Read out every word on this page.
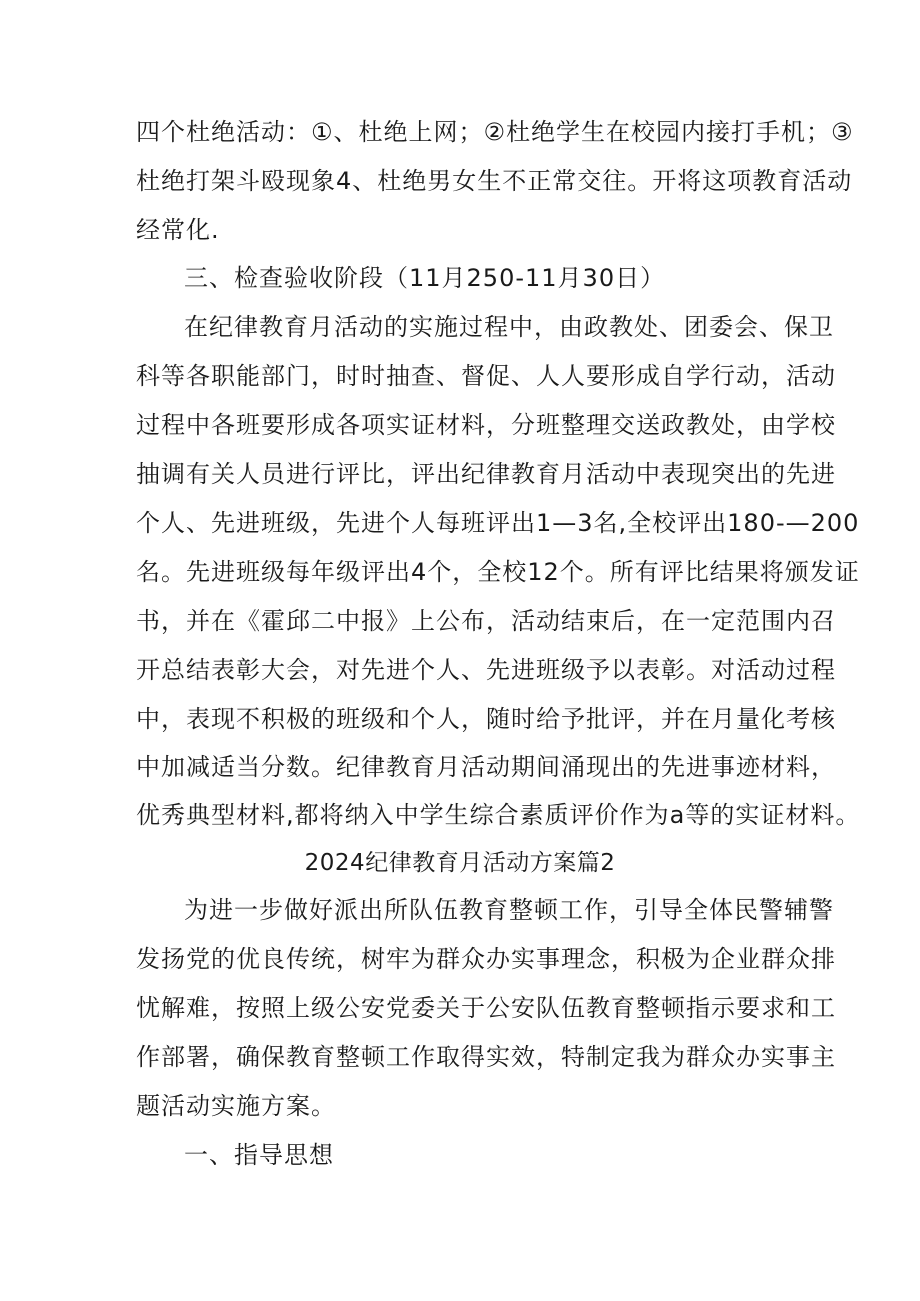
四个杜绝活动：①、杜绝上网；②杜绝学生在校园内接打手机；③
杜绝打架斗殴现象4、杜绝男女生不正常交往。开将这项教育活动
经常化.
三、检查验收阶段（11月250-11月30日）
在纪律教育月活动的实施过程中，由政教处、团委会、保卫
科等各职能部门，时时抽查、督促、人人要形成自学行动，活动
过程中各班要形成各项实证材料，分班整理交送政教处，由学校
抽调有关人员进行评比，评出纪律教育月活动中表现突出的先进
个人、先进班级，先进个人每班评出1—3名,全校评出180-—200
名。先进班级每年级评出4个，全校12个。所有评比结果将颁发证
书，并在《霍邱二中报》上公布，活动结束后，在一定范围内召
开总结表彰大会，对先进个人、先进班级予以表彰。对活动过程
中，表现不积极的班级和个人，随时给予批评，并在月量化考核
中加减适当分数。纪律教育月活动期间涌现出的先进事迹材料，
优秀典型材料,都将纳入中学生综合素质评价作为a等的实证材料。
2024纪律教育月活动方案篇2
为进一步做好派出所队伍教育整顿工作，引导全体民警辅警
发扬党的优良传统，树牢为群众办实事理念，积极为企业群众排
忧解难，按照上级公安党委关于公安队伍教育整顿指示要求和工
作部署，确保教育整顿工作取得实效，特制定我为群众办实事主
题活动实施方案。
一、指导思想
